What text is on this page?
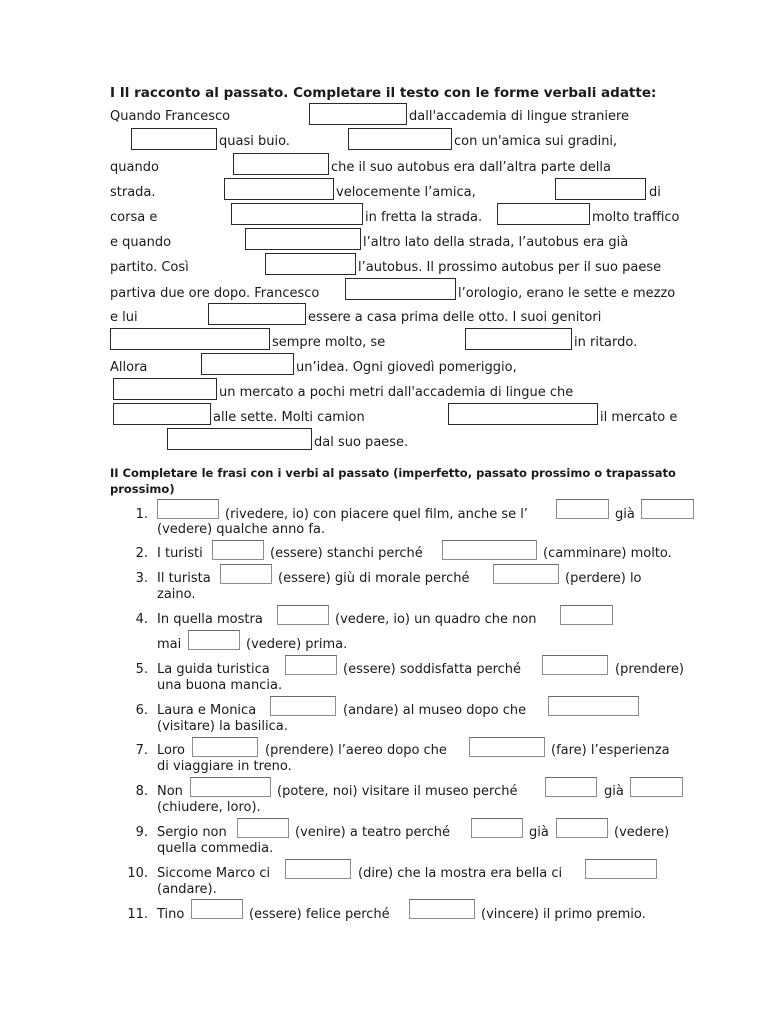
I Il racconto al passato. Completare il testo con le forme verbali adatte:
Quando Francesco	dall'accademia di lingue straniere
quasi buio.	con un'amica sui gradini,
quando	che il suo autobus era dall’altra parte della
strada.	velocemente l’amica,	di
corsa e	in fretta la strada.	molto traffico
e quando	l’altro lato della strada, l’autobus era già
partito. Così	l’autobus. Il prossimo autobus per il suo paese
partiva due ore dopo. Francesco	l’orologio, erano le sette e mezzo
e lui	essere a casa prima delle otto. I suoi genitori
sempre molto, se	in ritardo.
Allora	un’idea. Ogni giovedì pomeriggio,
un mercato a pochi metri dall'accademia di lingue che
alle sette. Molti camion	il mercato e
dal suo paese.
II Completare le frasi con i verbi al passato (imperfetto, passato prossimo o trapassato
prossimo)
1.	(rivedere, io) con piacere quel film, anche se l’	già
(vedere) qualche anno fa.
2. I turisti	(essere) stanchi perché	(camminare) molto.
3. Il turista	(essere) giù di morale perché	(perdere) lo
zaino.
4. In quella mostra	(vedere, io) un quadro che non
mai	(vedere) prima.
5. La guida turistica	(essere) soddisfatta perché	(prendere)
una buona mancia.
6. Laura e Monica	(andare) al museo dopo che
(visitare) la basilica.
7. Loro	(prendere) l’aereo dopo che	(fare) l’esperienza
di viaggiare in treno.
8. Non	(potere, noi) visitare il museo perché	già
(chiudere, loro).
9. Sergio non	(venire) a teatro perché	già	(vedere)
quella commedia.
10. Siccome Marco ci	(dire) che la mostra era bella ci
(andare).
11. Tino	(essere) felice perché	(vincere) il primo premio.
